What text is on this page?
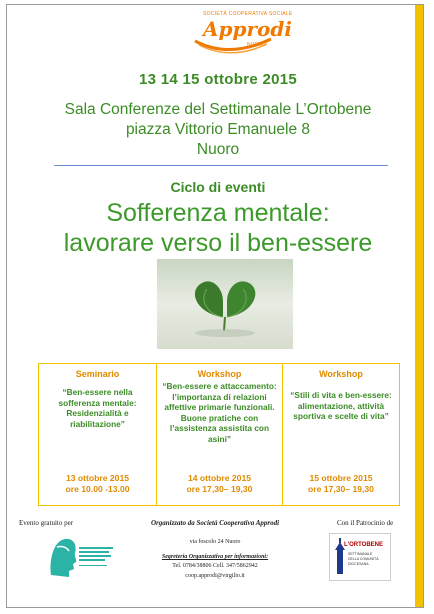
SOCIETÀ COOPERATIVA SOCIALE
Approdi
NUORO
13 14 15 ottobre 2015
Sala Conferenze del Settimanale L’Ortobene
piazza Vittorio Emanuele 8
Nuoro
Ciclo di eventi
Sofferenza mentale:
lavorare verso il ben-essere
Seminario
“Ben-essere nella sofferenza mentale: Residenzialità e riabilitazione”
13 ottobre 2015
ore 10.00 -13.00
Workshop
“Ben-essere e attaccamento: l’importanza di relazioni affettive primarie funzionali. Buone pratiche con l’assistenza assistita con asini”
14 ottobre 2015
ore 17,30– 19,30
Workshop
“Stili di vita e ben-essere: alimentazione, attività sportiva e scelte di vita”
15 ottobre 2015
ore 17,30– 19,30
Evento gratuito per	Organizzato da Società Cooperativa Approdi
via foscolo 24 Nuoro
Segreteria Organizzativa per informazioni:
Tel. 0784/38806 Cell. 347/5862942
coop.approdi@virgilio.it
Con il Patrocinio de
L'ORTOBENE
SETTIMANALE
DELLA COMUNITÀ
DIOCESANA
